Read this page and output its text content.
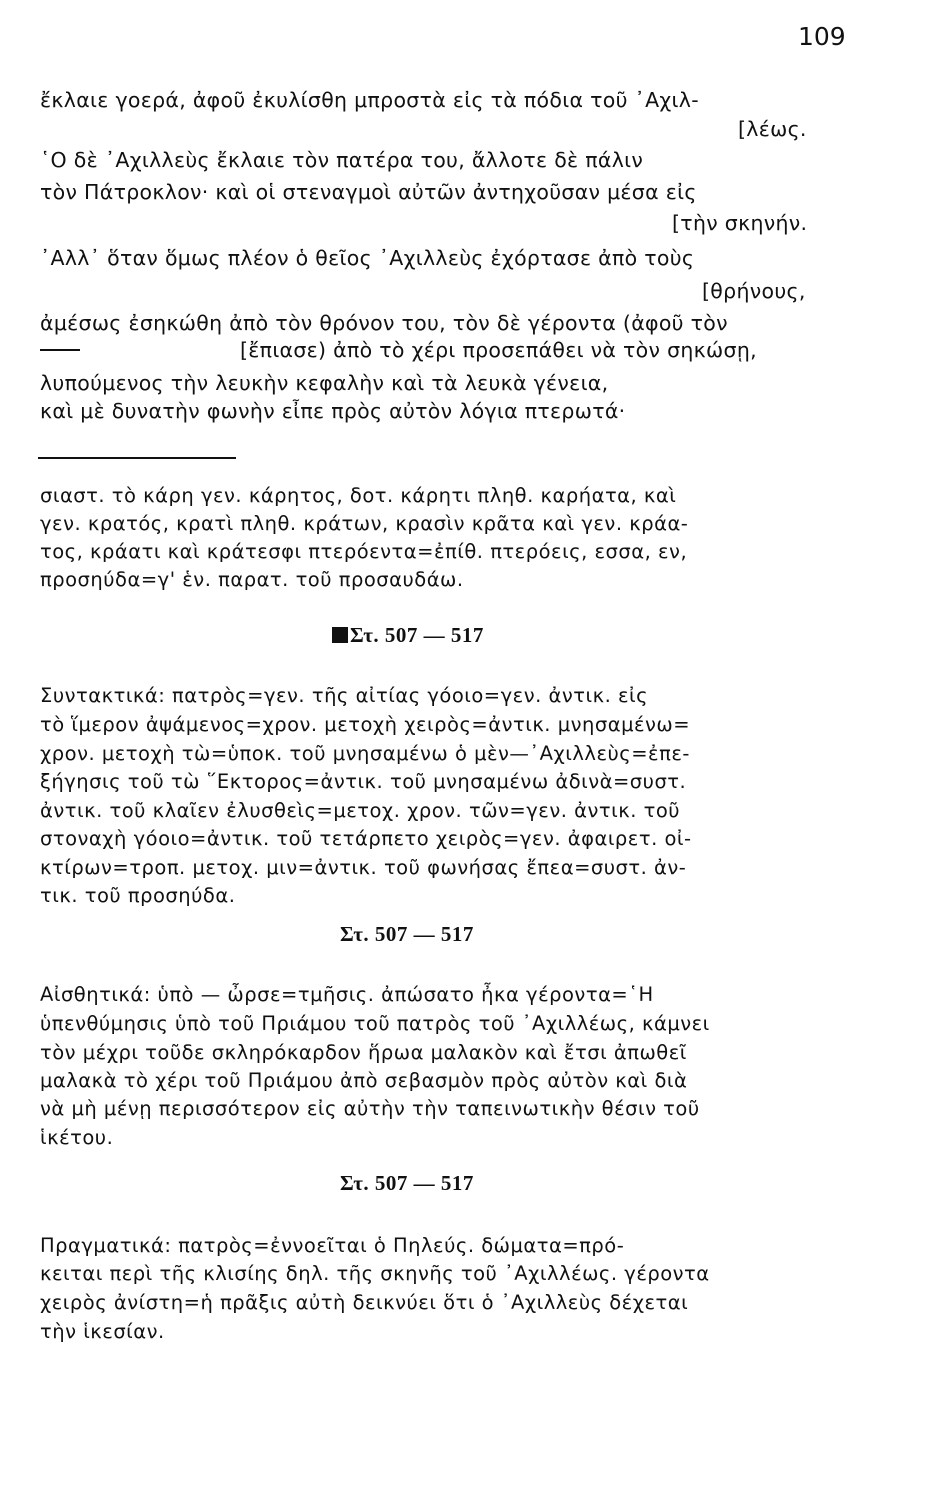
109
ἔκλαιε γοερά, ἀφοῦ ἐκυλίσθη μπροστὰ εἰς τὰ πόδια τοῦ ᾿Αχιλ-
[λέως.
῾Ο δὲ ᾿Αχιλλεὺς ἔκλαιε τὸν πατέρα του, ἄλλοτε δὲ πάλιν
τὸν Πάτροκλον· καὶ οἱ στεναγμοὶ αὐτῶν ἀντηχοῦσαν μέσα εἰς
[τὴν σκηνήν.
᾿Αλλ᾿ ὅταν ὅμως πλέον ὁ θεῖος ᾿Αχιλλεὺς ἐχόρτασε ἀπὸ τοὺς
[θρήνους,
ἀμέσως ἐσηκώθη ἀπὸ τὸν θρόνον του, τὸν δὲ γέροντα (ἀφοῦ τὸν
[ἔπιασε) ἀπὸ τὸ χέρι προσεπάθει νὰ τὸν σηκώσῃ,
λυπούμενος τὴν λευκὴν κεφαλὴν καὶ τὰ λευκὰ γένεια,
καὶ μὲ δυνατὴν φωνὴν εἶπε πρὸς αὐτὸν λόγια πτερωτά·
σιαστ. τὸ κάρη γεν. κάρητος, δοτ. κάρητι πληθ. καρήατα, καὶ
γεν. κρατός, κρατὶ πληθ. κράτων, κρασὶν κρᾶτα καὶ γεν. κράα-
τος, κράατι καὶ κράτεσφι πτερόεντα=ἐπίθ. πτερόεις, εσσα, εν,
προσηύδα=γ' ἑν. παρατ. τοῦ προσαυδάω.
Στ. 507 — 517
Συντακτικά: πατρὸς=γεν. τῆς αἰτίας γόοιο=γεν. ἀντικ. εἰς
τὸ ἵμερον ἀψάμενος=χρον. μετοχὴ χειρὸς=ἀντικ. μνησαμένω=
χρον. μετοχὴ τὼ=ὑποκ. τοῦ μνησαμένω ὁ μὲν—᾿Αχιλλεὺς=ἐπε-
ξήγησις τοῦ τὼ ῞Εκτορος=ἀντικ. τοῦ μνησαμένω ἀδινὰ=συστ.
ἀντικ. τοῦ κλαῖεν ἐλυσθεὶς=μετοχ. χρον. τῶν=γεν. ἀντικ. τοῦ
στοναχὴ γόοιο=ἀντικ. τοῦ τετάρπετο χειρὸς=γεν. ἀφαιρετ. οἰ-
κτίρων=τροπ. μετοχ. μιν=ἀντικ. τοῦ φωνήσας ἔπεα=συστ. ἀν-
τικ. τοῦ προσηύδα.
Στ. 507 — 517
Αἰσθητικά: ὑπὸ — ὦρσε=τμῆσις. ἀπώσατο ἦκα γέροντα=῾Η
ὑπενθύμησις ὑπὸ τοῦ Πριάμου τοῦ πατρὸς τοῦ ᾿Αχιλλέως, κάμνει
τὸν μέχρι τοῦδε σκληρόκαρδον ἥρωα μαλακὸν καὶ ἔτσι ἀπωθεῖ
μαλακὰ τὸ χέρι τοῦ Πριάμου ἀπὸ σεβασμὸν πρὸς αὐτὸν καὶ διὰ
νὰ μὴ μένῃ περισσότερον εἰς αὐτὴν τὴν ταπεινωτικὴν θέσιν τοῦ
ἱκέτου.
Στ. 507 — 517
Πραγματικά: πατρὸς=ἐννοεῖται ὁ Πηλεύς. δώματα=πρό-
κειται περὶ τῆς κλισίης δηλ. τῆς σκηνῆς τοῦ ᾿Αχιλλέως. γέροντα
χειρὸς ἀνίστη=ἡ πρᾶξις αὐτὴ δεικνύει ὅτι ὁ ᾿Αχιλλεὺς δέχεται
τὴν ἱκεσίαν.
